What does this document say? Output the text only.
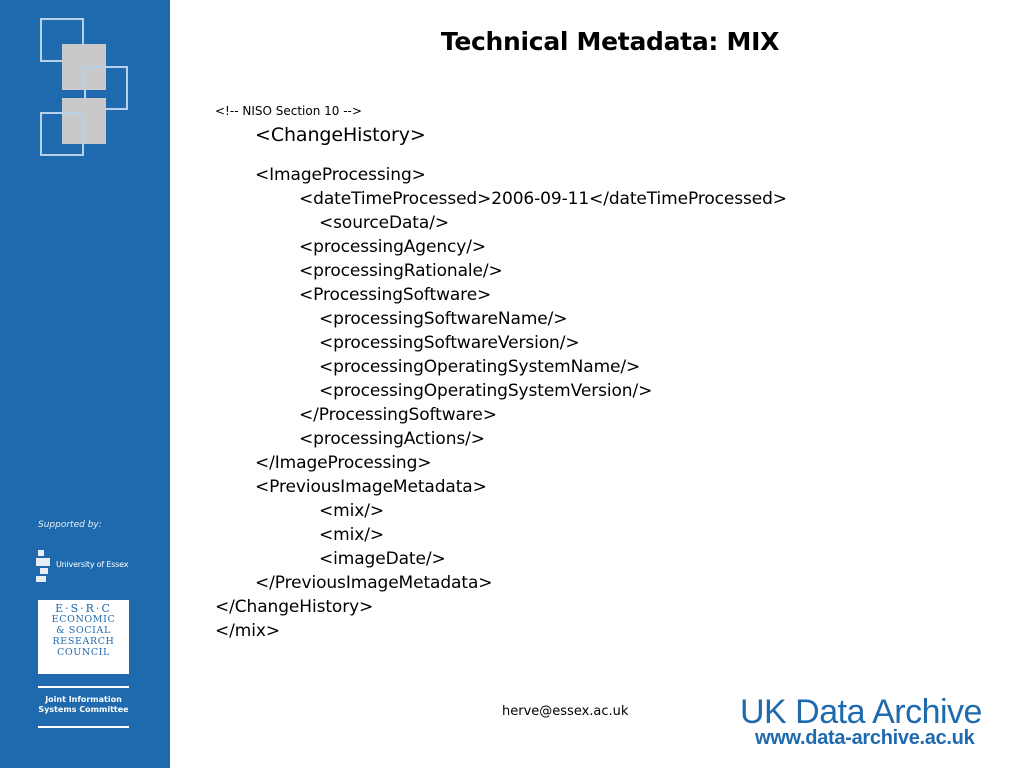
Supported by:
University of Essex
E·S·R·C
ECONOMIC
& SOCIAL
RESEARCH
COUNCIL
Joint Information
Systems Committee
Technical Metadata: MIX
<!-- NISO Section 10 -->
<ChangeHistory>
<ImageProcessing>
<dateTimeProcessed>2006-09-11</dateTimeProcessed>
<sourceData/>
<processingAgency/>
<processingRationale/>
<ProcessingSoftware>
<processingSoftwareName/>
<processingSoftwareVersion/>
<processingOperatingSystemName/>
<processingOperatingSystemVersion/>
</ProcessingSoftware>
<processingActions/>
</ImageProcessing>
<PreviousImageMetadata>
<mix/>
<mix/>
<imageDate/>
</PreviousImageMetadata>
</ChangeHistory>
</mix>
herve@essex.ac.uk	UK Data Archive
www.data-archive.ac.uk
